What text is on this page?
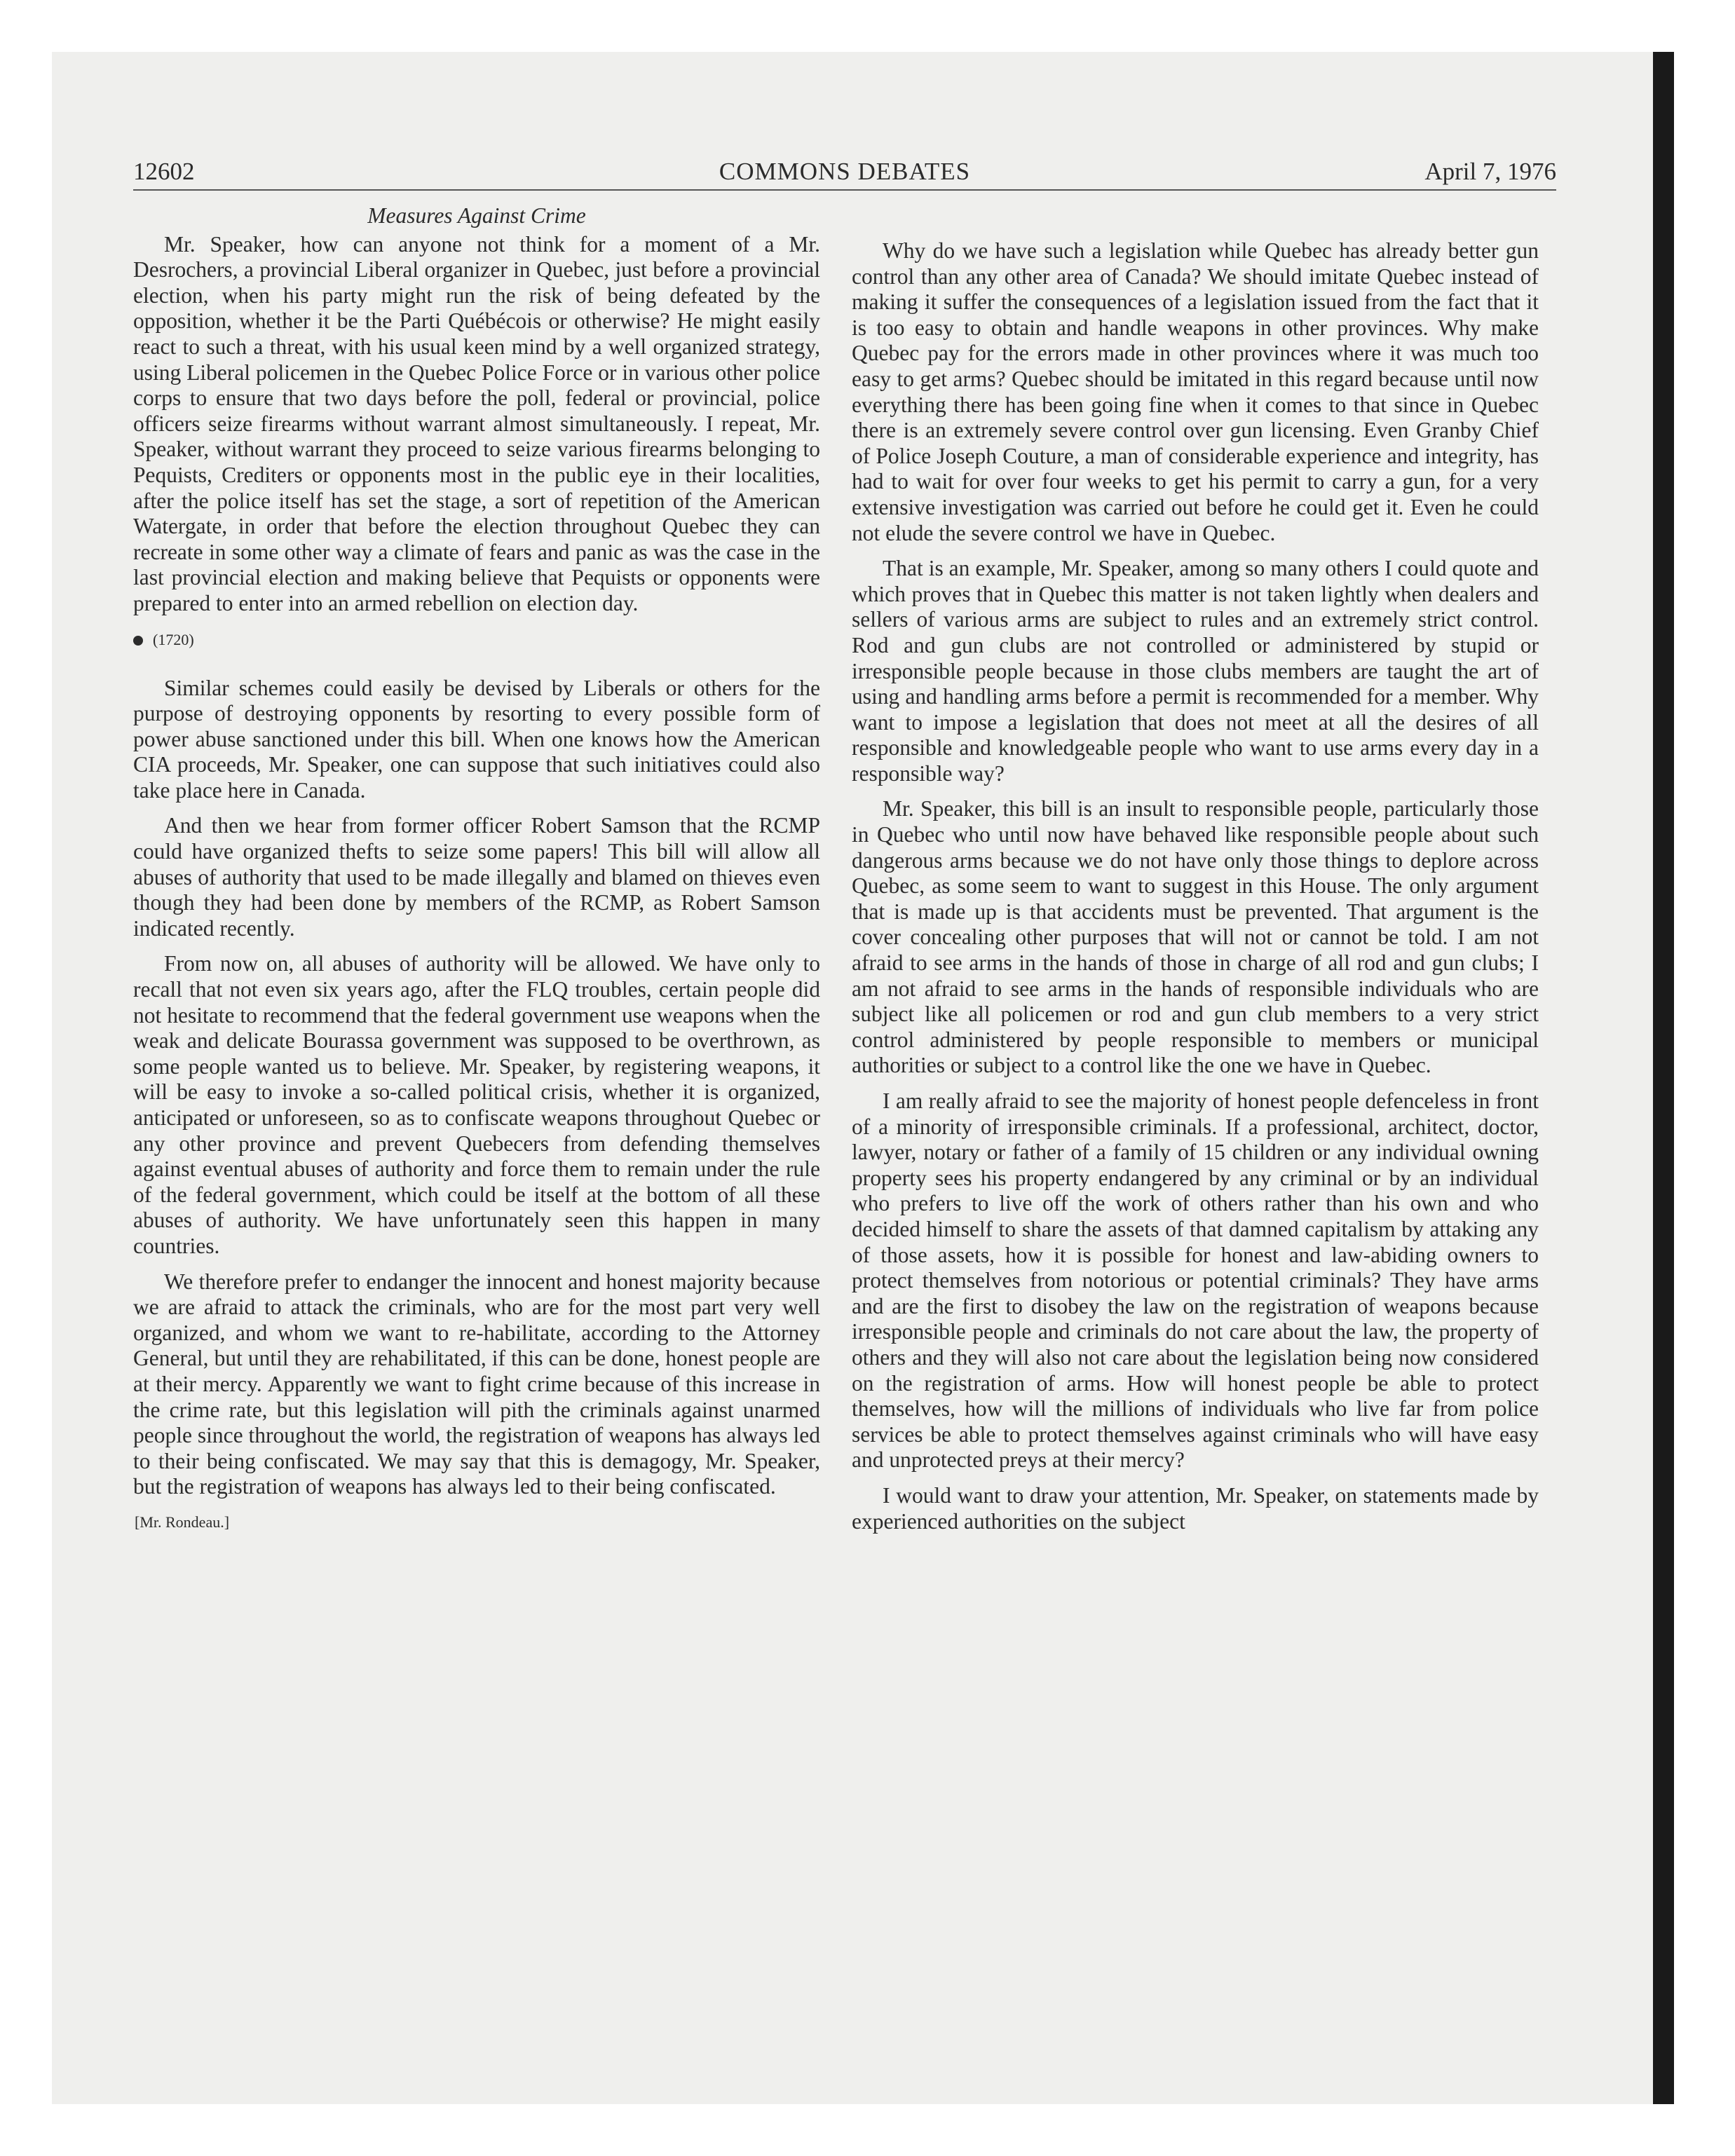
12602	COMMONS DEBATES	April 7, 1976
Measures Against Crime

Mr. Speaker, how can anyone not think for a moment of a Mr. Desrochers, a provincial Liberal organizer in Quebec, just before a provincial election, when his party might run the risk of being defeated by the opposition, whether it be the Parti Québécois or otherwise? He might easily react to such a threat, with his usual keen mind by a well organized strategy, using Liberal policemen in the Quebec Police Force or in various other police corps to ensure that two days before the poll, federal or provincial, police officers seize firearms without warrant almost simultaneously. I repeat, Mr. Speaker, without warrant they proceed to seize various firearms belonging to Pequists, Crediters or opponents most in the public eye in their localities, after the police itself has set the stage, a sort of repetition of the American Watergate, in order that before the election throughout Quebec they can recreate in some other way a climate of fears and panic as was the case in the last provincial election and making believe that Pequists or opponents were prepared to enter into an armed rebellion on election day.

(1720)

Similar schemes could easily be devised by Liberals or others for the purpose of destroying opponents by resorting to every possible form of power abuse sanctioned under this bill. When one knows how the American CIA proceeds, Mr. Speaker, one can suppose that such initiatives could also take place here in Canada.

And then we hear from former officer Robert Samson that the RCMP could have organized thefts to seize some papers! This bill will allow all abuses of authority that used to be made illegally and blamed on thieves even though they had been done by members of the RCMP, as Robert Samson indicated recently.

From now on, all abuses of authority will be allowed. We have only to recall that not even six years ago, after the FLQ troubles, certain people did not hesitate to recommend that the federal government use weapons when the weak and delicate Bourassa government was supposed to be overthrown, as some people wanted us to believe. Mr. Speaker, by registering weapons, it will be easy to invoke a so-called political crisis, whether it is organized, anticipated or unforeseen, so as to confiscate weapons throughout Quebec or any other province and prevent Quebecers from defending themselves against eventual abuses of authority and force them to remain under the rule of the federal government, which could be itself at the bottom of all these abuses of authority. We have unfortunately seen this happen in many countries.

We therefore prefer to endanger the innocent and honest majority because we are afraid to attack the criminals, who are for the most part very well organized, and whom we want to re-habilitate, according to the Attorney General, but until they are rehabilitated, if this can be done, honest people are at their mercy. Apparently we want to fight crime because of this increase in the crime rate, but this legislation will pith the criminals against unarmed people since throughout the world, the registration of weapons has always led to their being confiscated. We may say that this is demagogy, Mr. Speaker, but the registration of weapons has always led to their being confiscated.

[Mr. Rondeau.]

Why do we have such a legislation while Quebec has already better gun control than any other area of Canada? We should imitate Quebec instead of making it suffer the consequences of a legislation issued from the fact that it is too easy to obtain and handle weapons in other provinces. Why make Quebec pay for the errors made in other provinces where it was much too easy to get arms? Quebec should be imitated in this regard because until now everything there has been going fine when it comes to that since in Quebec there is an extremely severe control over gun licensing. Even Granby Chief of Police Joseph Couture, a man of considerable experience and integrity, has had to wait for over four weeks to get his permit to carry a gun, for a very extensive investigation was carried out before he could get it. Even he could not elude the severe control we have in Quebec.

That is an example, Mr. Speaker, among so many others I could quote and which proves that in Quebec this matter is not taken lightly when dealers and sellers of various arms are subject to rules and an extremely strict control. Rod and gun clubs are not controlled or administered by stupid or irresponsible people because in those clubs members are taught the art of using and handling arms before a permit is recommended for a member. Why want to impose a legislation that does not meet at all the desires of all responsible and knowledgeable people who want to use arms every day in a responsible way?

Mr. Speaker, this bill is an insult to responsible people, particularly those in Quebec who until now have behaved like responsible people about such dangerous arms because we do not have only those things to deplore across Quebec, as some seem to want to suggest in this House. The only argument that is made up is that accidents must be prevented. That argument is the cover concealing other purposes that will not or cannot be told. I am not afraid to see arms in the hands of those in charge of all rod and gun clubs; I am not afraid to see arms in the hands of responsible individuals who are subject like all policemen or rod and gun club members to a very strict control administered by people responsible to members or municipal authorities or subject to a control like the one we have in Quebec.

I am really afraid to see the majority of honest people defenceless in front of a minority of irresponsible criminals. If a professional, architect, doctor, lawyer, notary or father of a family of 15 children or any individual owning property sees his property endangered by any criminal or by an individual who prefers to live off the work of others rather than his own and who decided himself to share the assets of that damned capitalism by attaking any of those assets, how it is possible for honest and law-abiding owners to protect themselves from notorious or potential criminals? They have arms and are the first to disobey the law on the registration of weapons because irresponsible people and criminals do not care about the law, the property of others and they will also not care about the legislation being now considered on the registration of arms. How will honest people be able to protect themselves, how will the millions of individuals who live far from police services be able to protect themselves against criminals who will have easy and unprotected preys at their mercy?

I would want to draw your attention, Mr. Speaker, on statements made by experienced authorities on the subject
